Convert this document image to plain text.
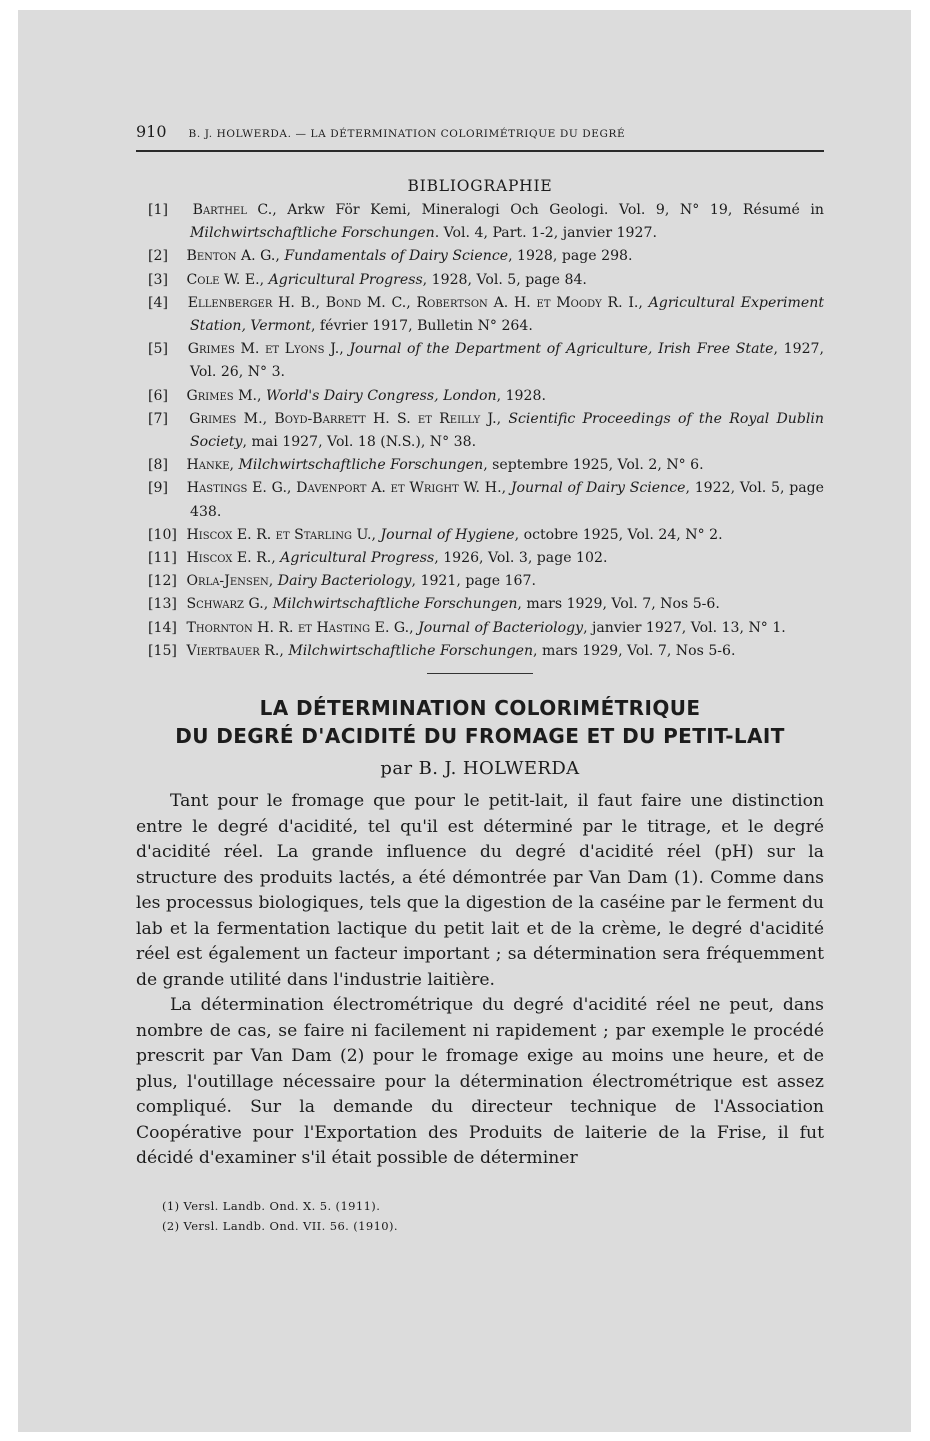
910 B. J. HOLWERDA. — LA DÉTERMINATION COLORIMÉTRIQUE DU DEGRÉ
BIBLIOGRAPHIE
[1] Barthel C., Arkw För Kemi, Mineralogi Och Geologi. Vol. 9, N° 19, Résumé in Milchwirtschaftliche Forschungen. Vol. 4, Part. 1-2, janvier 1927.
[2] Benton A. G., Fundamentals of Dairy Science, 1928, page 298.
[3] Cole W. E., Agricultural Progress, 1928, Vol. 5, page 84.
[4] Ellenberger H. B., Bond M. C., Robertson A. H. et Moody R. I., Agricultural Experiment Station, Vermont, février 1917, Bulletin N° 264.
[5] Grimes M. et Lyons J., Journal of the Department of Agriculture, Irish Free State, 1927, Vol. 26, N° 3.
[6] Grimes M., World's Dairy Congress, London, 1928.
[7] Grimes M., Boyd-Barrett H. S. et Reilly J., Scientific Proceedings of the Royal Dublin Society, mai 1927, Vol. 18 (N.S.), N° 38.
[8] Hanke, Milchwirtschaftliche Forschungen, septembre 1925, Vol. 2, N° 6.
[9] Hastings E. G., Davenport A. et Wright W. H., Journal of Dairy Science, 1922, Vol. 5, page 438.
[10] Hiscox E. R. et Starling U., Journal of Hygiene, octobre 1925, Vol. 24, N° 2.
[11] Hiscox E. R., Agricultural Progress, 1926, Vol. 3, page 102.
[12] Orla-Jensen, Dairy Bacteriology, 1921, page 167.
[13] Schwarz G., Milchwirtschaftliche Forschungen, mars 1929, Vol. 7, Nos 5-6.
[14] Thornton H. R. et Hasting E. G., Journal of Bacteriology, janvier 1927, Vol. 13, N° 1.
[15] Viertbauer R., Milchwirtschaftliche Forschungen, mars 1929, Vol. 7, Nos 5-6.
LA DÉTERMINATION COLORIMÉTRIQUE
DU DEGRÉ D'ACIDITÉ DU FROMAGE ET DU PETIT-LAIT
par B. J. HOLWERDA

Tant pour le fromage que pour le petit-lait, il faut faire une distinction entre le degré d'acidité, tel qu'il est déterminé par le titrage, et le degré d'acidité réel. La grande influence du degré d'acidité réel (pH) sur la structure des produits lactés, a été démontrée par Van Dam (1). Comme dans les processus biologiques, tels que la digestion de la caséine par le ferment du lab et la fermentation lactique du petit lait et de la crème, le degré d'acidité réel est également un facteur important ; sa détermination sera fréquemment de grande utilité dans l'industrie laitière.

La détermination électrométrique du degré d'acidité réel ne peut, dans nombre de cas, se faire ni facilement ni rapidement ; par exemple le procédé prescrit par Van Dam (2) pour le fromage exige au moins une heure, et de plus, l'outillage nécessaire pour la détermination électrométrique est assez compliqué. Sur la demande du directeur technique de l'Association Coopérative pour l'Exportation des Produits de laiterie de la Frise, il fut décidé d'examiner s'il était possible de déterminer

(1) Versl. Landb. Ond. X. 5. (1911).
(2) Versl. Landb. Ond. VII. 56. (1910).
